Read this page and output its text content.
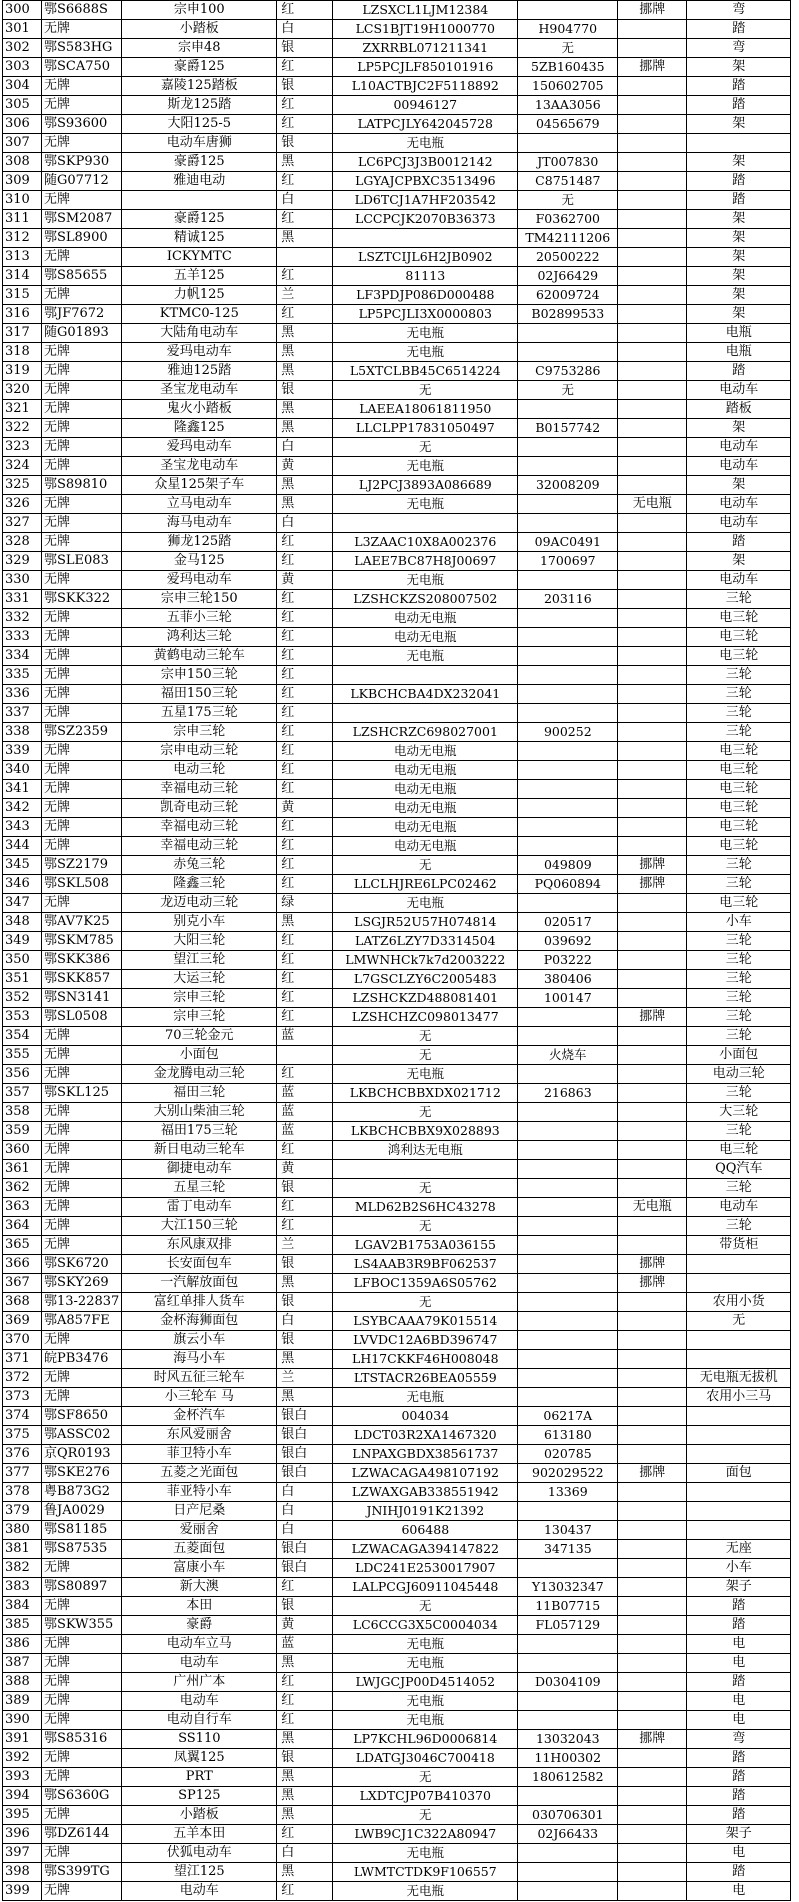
300	鄂S6688S	宗申100	红	LZSXCL1LJM12384		挪牌	弯
301	无牌	小踏板	白	LCS1BJT19H1000770	H904770		踏
302	鄂S583HG	宗申48	银	ZXRRBL071211341	无		弯
303	鄂SCA750	豪爵125	红	LP5PCJLF850101916	5ZB160435	挪牌	架
304	无牌	嘉陵125踏板	银	L10ACTBJC2F5118892	150602705		踏
305	无牌	斯龙125踏	红	00946127	13AA3056		踏
306	鄂S93600	大阳125-5	红	LATPCJLY642045728	04565679		架
307	无牌	电动车唐狮	银	无电瓶			
308	鄂SKP930	豪爵125	黑	LC6PCJ3J3B0012142	JT007830		架
309	随G07712	雅迪电动	红	LGYAJCPBXC3513496	C8751487		踏
310	无牌		白	LD6TCJ1A7HF203542	无		踏
311	鄂SM2087	豪爵125	红	LCCPCJK2070B36373	F0362700		架
312	鄂SL8900	精诚125	黑		TM42111206		架
313	无牌	ICKYMTC		LSZTCIJL6H2JB0902	20500222		架
314	鄂S85655	五羊125	红	81113	02J66429		架
315	无牌	力帆125	兰	LF3PDJP086D000488	62009724		架
316	鄂JF7672	KTMC0-125	红	LP5PCJLI3X0000803	B02899533		架
317	随G01893	大陆角电动车	黑	无电瓶			电瓶
318	无牌	爱玛电动车	黑	无电瓶			电瓶
319	无牌	雅迪125踏	黑	L5XTCLBB45C6514224	C9753286		踏
320	无牌	圣宝龙电动车	银	无	无		电动车
321	无牌	鬼火小踏板	黑	LAEEA18061811950			踏板
322	无牌	隆鑫125	黑	LLCLPP17831050497	B0157742		架
323	无牌	爱玛电动车	白	无			电动车
324	无牌	圣宝龙电动车	黄	无电瓶			电动车
325	鄂S89810	众星125架子车	黑	LJ2PCJ3893A086689	32008209		架
326	无牌	立马电动车	黑	无电瓶		无电瓶	电动车
327	无牌	海马电动车	白				电动车
328	无牌	狮龙125踏	红	L3ZAAC10X8A002376	09AC0491		踏
329	鄂SLE083	金马125	红	LAEE7BC87H8J00697	1700697		架
330	无牌	爱玛电动车	黄	无电瓶			电动车
331	鄂SKK322	宗申三轮150	红	LZSHCKZS208007502	203116		三轮
332	无牌	五菲小三轮	红	电动无电瓶			电三轮
333	无牌	鸿利达三轮	红	电动无电瓶			电三轮
334	无牌	黄鹤电动三轮车	红	无电瓶			电三轮
335	无牌	宗申150三轮	红				三轮
336	无牌	福田150三轮	红	LKBCHCBA4DX232041			三轮
337	无牌	五星175三轮	红				三轮
338	鄂SZ2359	宗申三轮	红	LZSHCRZC698027001	900252		三轮
339	无牌	宗申电动三轮	红	电动无电瓶			电三轮
340	无牌	电动三轮	红	电动无电瓶			电三轮
341	无牌	幸福电动三轮	红	电动无电瓶			电三轮
342	无牌	凯奇电动三轮	黄	电动无电瓶			电三轮
343	无牌	幸福电动三轮	红	电动无电瓶			电三轮
344	无牌	幸福电动三轮	红	电动无电瓶			电三轮
345	鄂SZ2179	赤兔三轮	红	无	049809	挪牌	三轮
346	鄂SKL508	隆鑫三轮	红	LLCLHJRE6LPC02462	PQ060894	挪牌	三轮
347	无牌	龙迈电动三轮	绿	无电瓶			电三轮
348	鄂AV7K25	别克小车	黑	LSGJR52U57H074814	020517		小车
349	鄂SKM785	大阳三轮	红	LATZ6LZY7D3314504	039692		三轮
350	鄂SKK386	望江三轮	红	LMWNHCk7k7d2003222	P03222		三轮
351	鄂SKK857	大运三轮	红	L7GSCLZY6C2005483	380406		三轮
352	鄂SN3141	宗申三轮	红	LZSHCKZD488081401	100147		三轮
353	鄂SL0508	宗申三轮	红	LZSHCHZC098013477		挪牌	三轮
354	无牌	70三轮金元	蓝	无			三轮
355	无牌	小面包		无	火烧车		小面包
356	无牌	金龙腾电动三轮	红	无电瓶			电动三轮
357	鄂SKL125	福田三轮	蓝	LKBCHCBBXDX021712	216863		三轮
358	无牌	大别山柴油三轮	蓝	无			大三轮
359	无牌	福田175三轮	蓝	LKBCHCBBX9X028893			三轮
360	无牌	新日电动三轮车	红	鸿利达无电瓶			电三轮
361	无牌	御捷电动车	黄				QQ汽车
362	无牌	五星三轮	银	无			三轮
363	无牌	雷丁电动车	红	MLD62B2S6HC43278		无电瓶	电动车
364	无牌	大江150三轮	红	无			三轮
365	无牌	东风康双排	兰	LGAV2B1753A036155			带货柜
366	鄂SK6720	长安面包车	银	LS4AAB3R9BF062537		挪牌	
367	鄂SKY269	一汽解放面包	黑	LFBOC1359A6S05762		挪牌	
368	鄂13-22837	富红单排人货车	银	无			农用小货
369	鄂A857FE	金杯海狮面包	白	LSYBCAAA79K015514			无
370	无牌	旗云小车	银	LVVDC12A6BD396747			
371	皖PB3476	海马小车	黑	LH17CKKF46H008048			
372	无牌	时风五征三轮车	兰	LTSTACR26BEA05559			无电瓶无拔机
373	无牌	小三轮车 马	黑	无电瓶			农用小三马
374	鄂SF8650	金杯汽车	银白	004034	06217A		
375	鄂ASSC02	东风爱丽舍	银白	LDCT03R2XA1467320	613180		
376	京QR0193	菲卫特小车	银白	LNPAXGBDX38561737	020785		
377	鄂SKE276	五菱之光面包	银白	LZWACAGA498107192	902029522	挪牌	面包
378	粤B873G2	菲亚特小车	白	LZWAXGAB338551942	13369		
379	鲁JA0029	日产尼桑	白	JNIHJ0191K21392			
380	鄂S81185	爱丽舍	白	606488	130437		
381	鄂S87535	五菱面包	银白	LZWACAGA394147822	347135		无座
382	无牌	富康小车	银白	LDC241E2530017907			小车
383	鄂S80897	新大澳	红	LALPCGJ60911045448	Y13032347		架子
384	无牌	本田	银	无	11B07715		踏
385	鄂SKW355	豪爵	黄	LC6CCG3X5C0004034	FL057129		踏
386	无牌	电动车立马	蓝	无电瓶			电
387	无牌	电动车	黑	无电瓶			电
388	无牌	广州广本	红	LWJGCJP00D4514052	D0304109		踏
389	无牌	电动车	红	无电瓶			电
390	无牌	电动自行车	红	无电瓶			电
391	鄂S85316	SS110	黑	LP7KCHL96D0006814	13032043	挪牌	弯
392	无牌	凤翼125	银	LDATGJ3046C700418	11H00302		踏
393	无牌	PRT	黑	无	180612582		踏
394	鄂S6360G	SP125	黑	LXDTCJP07B410370			踏
395	无牌	小踏板	黑	无	030706301		踏
396	鄂DZ6144	五羊本田	红	LWB9CJ1C322A80947	02J66433		架子
397	无牌	伏狐电动车	白	无电瓶			电
398	鄂S399TG	望江125	黑	LWMTCTDK9F106557			踏
399	无牌	电动车	红	无电瓶			电
